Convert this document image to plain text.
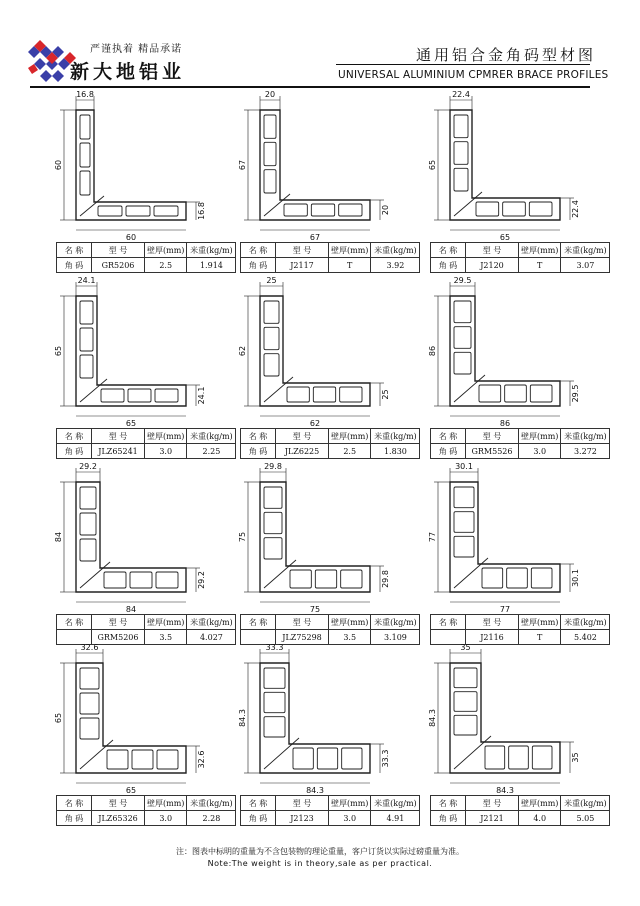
严谨执着 精品承诺
新大地铝业
通用铝合金角码型材图
UNIVERSAL ALUMINIUM CPMRER BRACE PROFILES
16.8
60
60
16.8
名 称	型 号	壁厚(mm)	米重(kg/m)
角 码	GR5206	2.5	1.914
20
67
67
20
名 称	型 号	壁厚(mm)	米重(kg/m)
角 码	J2117	T	3.92
22.4
65
65
22.4
名 称	型 号	壁厚(mm)	米重(kg/m)
角 码	J2120	T	3.07
24.1
65
65
24.1
名 称	型 号	壁厚(mm)	米重(kg/m)
角 码	JLZ65241	3.0	2.25
25
62
62
25
名 称	型 号	壁厚(mm)	米重(kg/m)
角 码	JLZ6225	2.5	1.830
29.5
86
86
29.5
名 称	型 号	壁厚(mm)	米重(kg/m)
角 码	GRM5526	3.0	3.272
29.2
84
84
29.2
名 称	型 号	壁厚(mm)	米重(kg/m)
	GRM5206	3.5	4.027
29.8
75
75
29.8
名 称	型 号	壁厚(mm)	米重(kg/m)
	JLZ75298	3.5	3.109
30.1
77
77
30.1
名 称	型 号	壁厚(mm)	米重(kg/m)
	J2116	T	5.402
32.6
65
65
32.6
名 称	型 号	壁厚(mm)	米重(kg/m)
角 码	JLZ65326	3.0	2.28
33.3
84.3
84.3
33.3
名 称	型 号	壁厚(mm)	米重(kg/m)
角 码	J2123	3.0	4.91
35
84.3
84.3
35
名 称	型 号	壁厚(mm)	米重(kg/m)
角 码	J2121	4.0	5.05
注：图表中标明的重量为不含包装物的理论重量，客户订货以实际过磅重量为准。
Note:The weight is in theory,sale as per practical.
